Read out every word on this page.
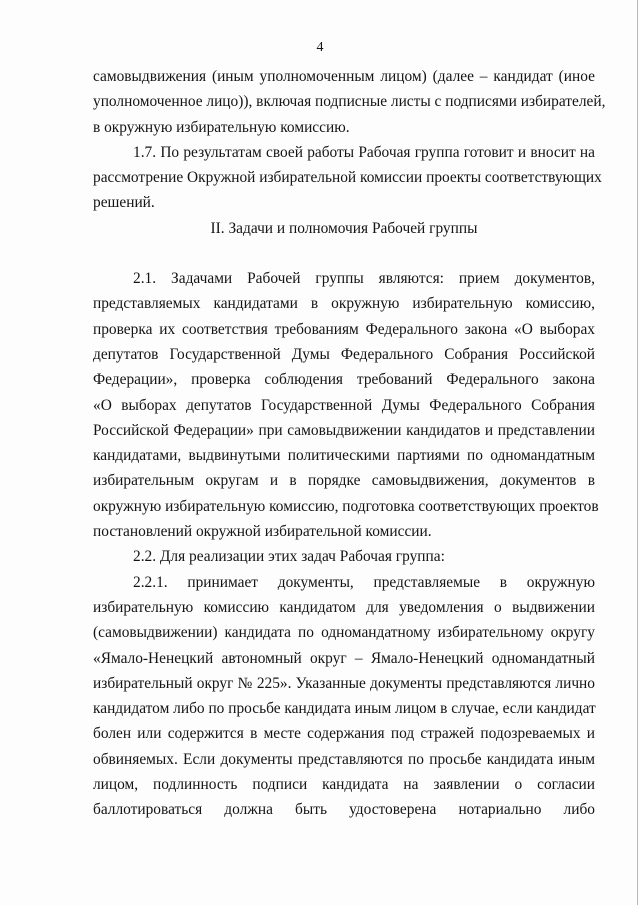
4
самовыдвижения (иным уполномоченным лицом) (далее – кандидат (иное
уполномоченное лицо)), включая подписные листы с подписями избирателей,
в окружную избирательную комиссию.
1.7. По результатам своей работы Рабочая группа готовит и вносит на
рассмотрение Окружной избирательной комиссии проекты соответствующих
решений.
II. Задачи и полномочия Рабочей группы
2.1. Задачами Рабочей группы являются: прием документов,
представляемых кандидатами в окружную избирательную комиссию,
проверка их соответствия требованиям Федерального закона «О выборах
депутатов Государственной Думы Федерального Собрания Российской
Федерации», проверка соблюдения требований Федерального закона
«О выборах депутатов Государственной Думы Федерального Собрания
Российской Федерации» при самовыдвижении кандидатов и представлении
кандидатами, выдвинутыми политическими партиями по одномандатным
избирательным округам и в порядке самовыдвижения, документов в
окружную избирательную комиссию, подготовка соответствующих проектов
постановлений окружной избирательной комиссии.
2.2. Для реализации этих задач Рабочая группа:
2.2.1. принимает документы, представляемые в окружную
избирательную комиссию кандидатом для уведомления о выдвижении
(самовыдвижении) кандидата по одномандатному избирательному округу
«Ямало-Ненецкий автономный округ – Ямало-Ненецкий одномандатный
избирательный округ № 225». Указанные документы представляются лично
кандидатом либо по просьбе кандидата иным лицом в случае, если кандидат
болен или содержится в месте содержания под стражей подозреваемых и
обвиняемых. Если документы представляются по просьбе кандидата иным
лицом, подлинность подписи кандидата на заявлении о согласии
баллотироваться должна быть удостоверена нотариально либо
